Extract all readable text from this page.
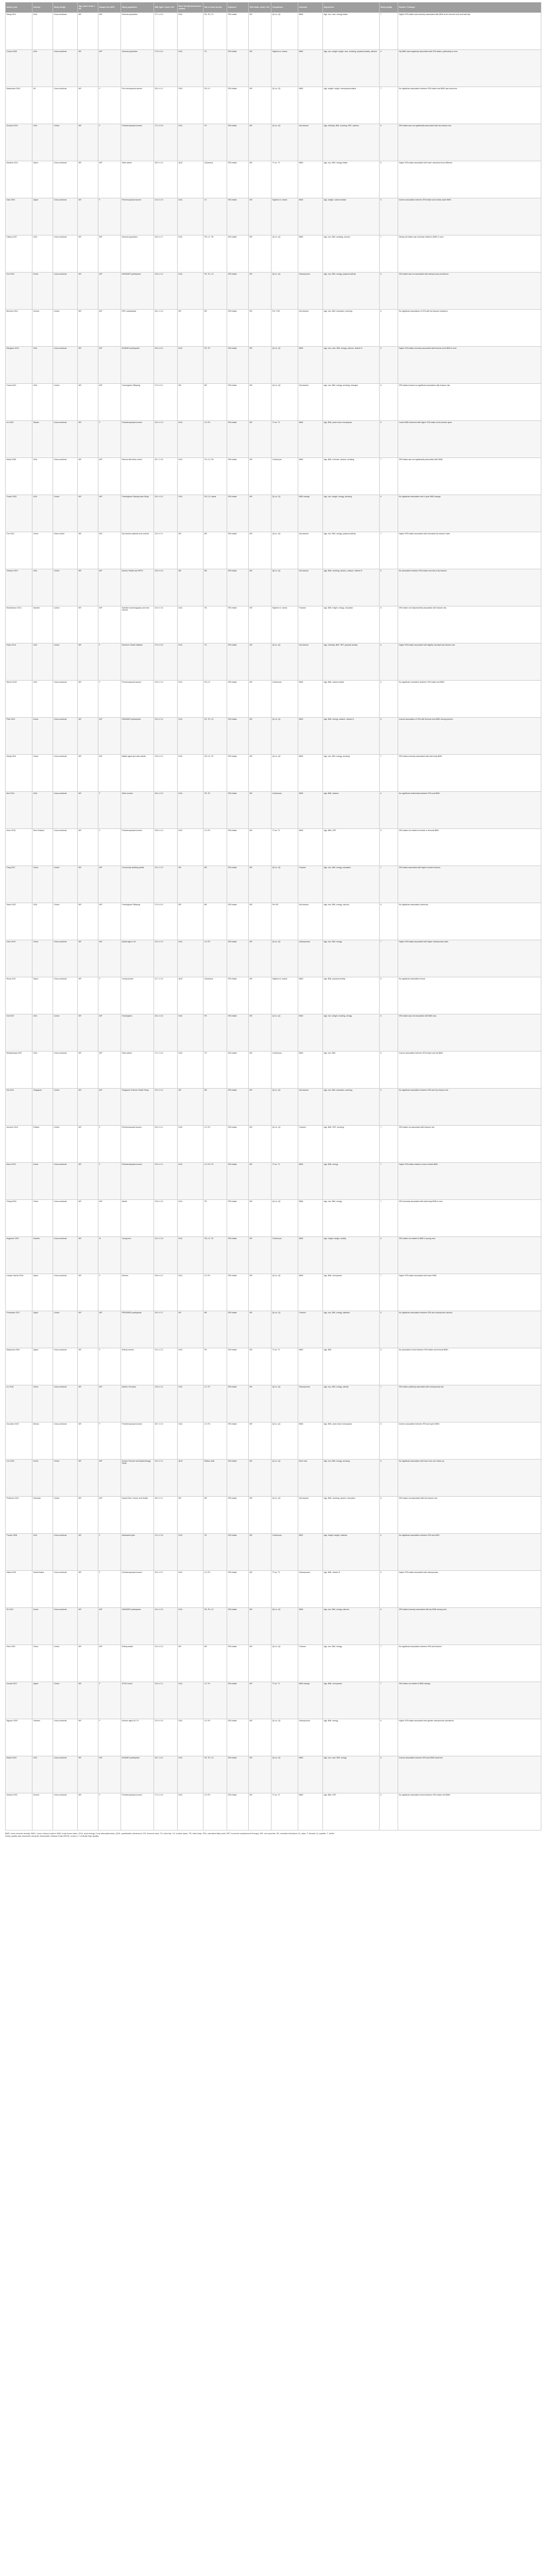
Author, year	Country	Study design	Age, years mean ± SD	Sample size (M/F)	Study population	BMI, kg/m² mean ± SD	Bone density assessment method	Site of bone density	Exposure	SFA intake, mean ± SD	Comparison	Outcome	Adjustment	Study quality	Results / Findings
Wang 2014	USA	Cross-sectional	NR	M/F	General population	27.1 ± 5.0	DXA	FN, TH, LS	SFA intake	NR	Q4 vs. Q1	BMD	Age, sex, race, energy intake	7	Higher SFA intake was inversely associated with BMD at the femoral neck and total hip.
Corwin 2006	USA	Cross-sectional	NR	M/F	General population	27.8 ± 5.4	DXA	TH	SFA intake	NR	Highest vs. lowest	BMD	Age, sex, weight, height, race, smoking, physical activity, calcium	8	Hip BMD was negatively associated with SFA intake, particularly in men.
Macdonald 2004	UK	Cross-sectional	NR	F	Peri-menopausal women	25.4 ± 4.1	DXA	FN, LS	SFA intake	NR	Q4 vs. Q1	BMD	Age, weight, height, menopausal status	7	No significant association between SFA intake and BMD was observed.
Orchard 2010	USA	Cohort	NR	F	Postmenopausal women	27.3 ± 5.8	DXA	TH	SFA intake	NR	Q4 vs. Q1	Hip fracture	Age, ethnicity, BMI, smoking, HRT, calcium	8	SFA intake was not significantly associated with hip fracture risk.
Martinez 2011	Spain	Cross-sectional	NR	M/F	Older adults	28.9 ± 4.3	QUS	Calcaneus	SFA intake	NR	T3 vs. T1	BMD	Age, sex, BMI, energy intake	6	Higher SFA intake associated with lower calcaneal bone stiffness.
Kato 2000	Japan	Cross-sectional	NR	F	Premenopausal women	21.8 ± 2.9	DXA	LS	SFA intake	NR	Highest vs. lowest	BMD	Age, weight, calcium intake	6	Inverse association between SFA intake and lumbar spine BMD.
Zalloua 2007	USA	Cross-sectional	NR	M/F	General population	26.5 ± 4.7	DXA	FN, LS, TB	SFA intake	NR	Q4 vs. Q1	BMD	Age, sex, BMI, smoking, alcohol	7	Dietary fat intake was inversely related to BMD in men.
Kim 2015	Korea	Cross-sectional	NR	M/F	KNHANES participants	23.8 ± 3.2	DXA	FN, TH, LS	SFA intake	NR	Q4 vs. Q1	Osteoporosis	Age, sex, BMI, energy, physical activity	8	SFA intake was not associated with osteoporosis prevalence.
Benetou 2011	Greece	Cohort	NR	M/F	EPIC participants	28.1 ± 4.4	NR	NR	SFA intake	NR	Per 1 SD	Hip fracture	Age, sex, BMI, education, smoking	8	No significant association of SFA with hip fracture incidence.
Mangano 2013	USA	Cross-sectional	NR	M/F	NHANES participants	28.4 ± 6.0	DXA	FN, TH	SFA intake	NR	Q4 vs. Q1	BMD	Age, sex, race, BMI, energy, calcium, vitamin D	8	Higher SFA intake inversely associated with femoral neck BMD in men.
Farina 2011	USA	Cohort	NR	M/F	Framingham Offspring	27.9 ± 5.1	NR	NR	SFA intake	NR	Q4 vs. Q1	Hip fracture	Age, sex, BMI, energy, smoking, estrogen	8	SFA intake showed no significant association with fracture risk.
Lin 2003	Taiwan	Cross-sectional	NR	F	Postmenopausal women	24.2 ± 3.3	DXA	LS, FN	SFA intake	NR	T3 vs. T1	BMD	Age, BMI, years since menopause	6	Lower BMD observed with higher SFA intake at the lumbar spine.
Weiss 2005	USA	Cross-sectional	NR	M/F	Rancho Bernardo cohort	25.7 ± 3.6	DXA	TH, LS, FN	SFA intake	NR	Continuous	BMD	Age, BMI, exercise, alcohol, smoking	7	SFA intake was not significantly associated with BMD.
Tucker 2002	USA	Cohort	NR	M/F	Framingham Osteoporosis Study	26.1 ± 4.2	DXA	FN, LS, radius	SFA intake	NR	Q4 vs. Q1	BMD change	Age, sex, weight, energy, smoking	8	No significant association with 4-year BMD change.
Fan 2013	China	Case-control	NR	M/F	Hip fracture patients and controls	22.5 ± 3.1	NR	NR	SFA intake	NR	Q4 vs. Q1	Hip fracture	Age, sex, BMI, energy, physical activity	7	Higher SFA intake associated with increased hip fracture odds.
Virtanen 2012	USA	Cohort	NR	M/F	Nurses’ Health and HPFS	24.8 ± 4.0	NR	NR	SFA intake	NR	Q5 vs. Q1	Hip fracture	Age, BMI, smoking, alcohol, calcium, vitamin D	8	No association between SFA intake and risk of hip fracture.
Michaelsson 2014	Sweden	Cohort	NR	M/F	Swedish mammography and men cohorts	24.9 ± 3.5	DXA	TB	SFA intake	NR	Highest vs. lowest	Fracture	Age, BMI, height, energy, education	8	SFA intake not independently associated with fracture risk.
Harris 2014	USA	Cohort	NR	F	Women’s Health Initiative	27.6 ± 5.6	DXA	TH	SFA intake	NR	Q4 vs. Q1	Hip fracture	Age, ethnicity, BMI, HRT, physical activity	8	Higher SFA intake associated with slightly increased hip fracture risk.
Nieves 2015	USA	Cross-sectional	NR	F	Premenopausal women	23.6 ± 3.0	DXA	FN, LS	SFA intake	NR	Continuous	BMD	Age, BMI, calcium intake	6	No significant correlation between SFA intake and BMD.
Park 2016	Korea	Cross-sectional	NR	M/F	KNHANES participants	23.9 ± 3.4	DXA	FN, TH, LS	SFA intake	NR	Q4 vs. Q1	BMD	Age, BMI, energy, calcium, vitamin D	8	Inverse association of SFA with femoral neck BMD among women.
Wang 2016	China	Cross-sectional	NR	M/F	Middle-aged and older adults	23.5 ± 3.2	DXA	TB, LS, TH	SFA intake	NR	Q4 vs. Q1	BMD	Age, sex, BMI, energy, smoking	7	SFA intake inversely associated with total body BMD.
Ilich 2014	USA	Cross-sectional	NR	F	Older women	28.4 ± 5.3	DXA	TB, TH	SFA intake	NR	Continuous	BMD	Age, BMI, calcium	6	No significant relationship between SFA and BMD.
Gunn 2015	New Zealand	Cross-sectional	NR	F	Postmenopausal women	26.6 ± 4.4	DXA	LS, FN	SFA intake	NR	T3 vs. T1	BMD	Age, BMI, HRT	6	SFA intake not related to lumbar or femoral BMD.
Fang 2017	China	Cohort	NR	M/F	Community-dwelling adults	23.1 ± 2.9	NR	NR	SFA intake	NR	Q4 vs. Q1	Fracture	Age, sex, BMI, energy, education	7	SFA intake associated with higher incident fracture.
Sahni 2013	USA	Cohort	NR	M/F	Framingham Offspring	27.8 ± 5.0	NR	NR	SFA intake	NR	Per SD	Hip fracture	Age, sex, BMI, energy, calcium	8	No significant association observed.
Chen 2019	China	Cross-sectional	NR	M/F	Adults aged ≥ 40	24.0 ± 3.3	DXA	LS, FN	SFA intake	NR	Q4 vs. Q1	Osteoporosis	Age, sex, BMI, energy	7	Higher SFA intake associated with higher osteoporosis odds.
Rivas 2012	Spain	Cross-sectional	NR	F	Young women	21.7 ± 2.6	QUS	Calcaneus	SFA intake	NR	Highest vs. lowest	BMD	Age, BMI, physical activity	6	No significant association found.
Kiel 2007	USA	Cohort	NR	M/F	Framingham	26.4 ± 4.5	DXA	FN	SFA intake	NR	Q4 vs. Q1	BMD	Age, sex, weight, smoking, energy	8	SFA intake was not associated with BMD loss.
Bhattacharya 2007	USA	Cross-sectional	NR	M/F	Older adults	27.2 ± 4.8	DXA	TH	SFA intake	NR	Continuous	BMD	Age, sex, BMI	6	Inverse association between SFA intake and hip BMD.
Dai 2014	Singapore	Cohort	NR	M/F	Singapore Chinese Health Study	23.0 ± 3.2	NR	NR	SFA intake	NR	Q4 vs. Q1	Hip fracture	Age, sex, BMI, education, smoking	8	No significant association between SFA and hip fracture risk.
Jarvinen 2012	Finland	Cohort	NR	F	Perimenopausal women	26.2 ± 4.1	DXA	LS, FN	SFA intake	NR	Q4 vs. Q1	Fracture	Age, BMI, HRT, smoking	7	SFA intake not associated with fracture risk.
Moon 2013	Korea	Cross-sectional	NR	F	Postmenopausal women	23.9 ± 3.1	DXA	LS, FN, TH	SFA intake	NR	T3 vs. T1	BMD	Age, BMI, energy	7	Higher SFA intake related to lower lumbar BMD.
Zhang 2016	China	Cross-sectional	NR	M/F	Adults	23.6 ± 3.0	DXA	TB	SFA intake	NR	Q4 vs. Q1	BMD	Age, sex, BMI, energy	7	SFA inversely associated with total body BMD in men.
Hogstrom 2007	Sweden	Cross-sectional	NR	M	Young men	23.2 ± 2.8	DXA	TB, LS, TH	SFA intake	NR	Continuous	BMD	Age, height, weight, activity	6	SFA intake not related to BMD in young men.
Lavado-Garcia 2018	Spain	Cross-sectional	NR	F	Women	25.8 ± 4.2	DXA	LS, FN	SFA intake	NR	Q4 vs. Q1	BMD	Age, BMI, menopause	7	Higher SFA intake associated with lower BMD.
Fernandez 2017	Spain	Cohort	NR	M/F	PREDIMED participants	29.3 ± 3.7	NR	NR	SFA intake	NR	Q4 vs. Q1	Fracture	Age, sex, BMI, energy, diabetes	8	No significant association between SFA and osteoporotic fracture.
Nakamura 2009	Japan	Cross-sectional	NR	F	Elderly women	22.4 ± 3.2	DXA	FN	SFA intake	NR	T3 vs. T1	BMD	Age, BMI	6	No association found between SFA intake and femoral BMD.
Liu 2018	China	Cross-sectional	NR	M/F	Adults ≥ 50 years	23.8 ± 3.4	DXA	LS, TH	SFA intake	NR	Q4 vs. Q1	Osteoporosis	Age, sex, BMI, energy, activity	7	SFA intake positively associated with osteoporosis risk.
Gonzalez 2019	Mexico	Cross-sectional	NR	F	Postmenopausal women	28.7 ± 4.9	DXA	LS, FN	SFA intake	NR	Q4 vs. Q1	BMD	Age, BMI, years since menopause	6	Inverse association between SFA and spine BMD.
Lee 2020	Korea	Cohort	NR	M/F	Korean Genome and Epidemiology Study	24.3 ± 3.1	QUS	Radius, tibia	SFA intake	NR	Q4 vs. Q1	Bone loss	Age, sex, BMI, energy, smoking	8	No significant association with bone loss over follow-up.
Pedersen 2011	Denmark	Cohort	NR	M/F	Danish Diet, Cancer and Health	26.0 ± 4.1	NR	NR	SFA intake	NR	Q4 vs. Q1	Hip fracture	Age, BMI, smoking, alcohol, education	8	SFA intake not associated with hip fracture risk.
Thorpe 2008	USA	Cross-sectional	NR	F	Adolescent girls	21.3 ± 3.6	DXA	TB	SFA intake	NR	Continuous	BMC	Age, height, weight, maturity	6	No significant association between SFA and BMC.
Alissa 2015	Saudi Arabia	Cross-sectional	NR	F	Postmenopausal women	30.2 ± 5.7	DXA	LS, FN	SFA intake	NR	T3 vs. T1	Osteoporosis	Age, BMI, vitamin D	6	Higher SFA intake associated with osteoporosis.
Oh 2021	Korea	Cross-sectional	NR	M/F	KNHANES participants	24.0 ± 3.5	DXA	FN, TH, LS	SFA intake	NR	Q4 vs. Q1	BMD	Age, sex, BMI, energy, calcium	8	SFA intake inversely associated with hip BMD among men.
Shen 2021	China	Cohort	NR	M/F	Elderly adults	23.2 ± 3.0	NR	NR	SFA intake	NR	Q4 vs. Q1	Fracture	Age, sex, BMI, energy	7	No significant association between SFA and fracture.
Kuroda 2021	Japan	Cohort	NR	F	JPOS cohort	22.6 ± 3.1	DXA	LS, TH	SFA intake	NR	T3 vs. T1	BMD change	Age, BMI, menopause	7	SFA intake not related to BMD change.
Nguyen 2020	Vietnam	Cross-sectional	NR	F	Women aged 40–70	22.9 ± 3.0	DXA	LS, FN	SFA intake	NR	Q4 vs. Q1	Osteoporosis	Age, BMI, energy	6	Higher SFA intake associated with greater osteoporosis prevalence.
Mazidi 2018	USA	Cross-sectional	NR	M/F	NHANES participants	28.7 ± 6.2	DXA	FN, TH, LS	SFA intake	NR	Q4 vs. Q1	BMD	Age, sex, race, BMI, energy	8	Inverse association between SFA and BMD observed.
Sotiriou 2022	Greece	Cross-sectional	NR	F	Postmenopausal women	27.4 ± 4.6	DXA	LS, FN	SFA intake	NR	T3 vs. T1	BMD	Age, BMI, HRT	6	No significant association found between SFA intake and BMD.
BMD, bone mineral density; BMC, bone mineral content; BMI, body mass index; DXA, dual-energy X-ray absorptiometry; QUS, quantitative ultrasound; FN, femoral neck; TH, total hip; LS, lumbar spine; TB, total body; SFA, saturated fatty acid; HRT, hormone replacement therapy; NR, not reported; SD, standard deviation; M, male; F, female; Q, quartile; T, tertile.
Study quality was assessed using the Newcastle–Ottawa Scale (NOS); scores ≥ 7 indicate high quality.
